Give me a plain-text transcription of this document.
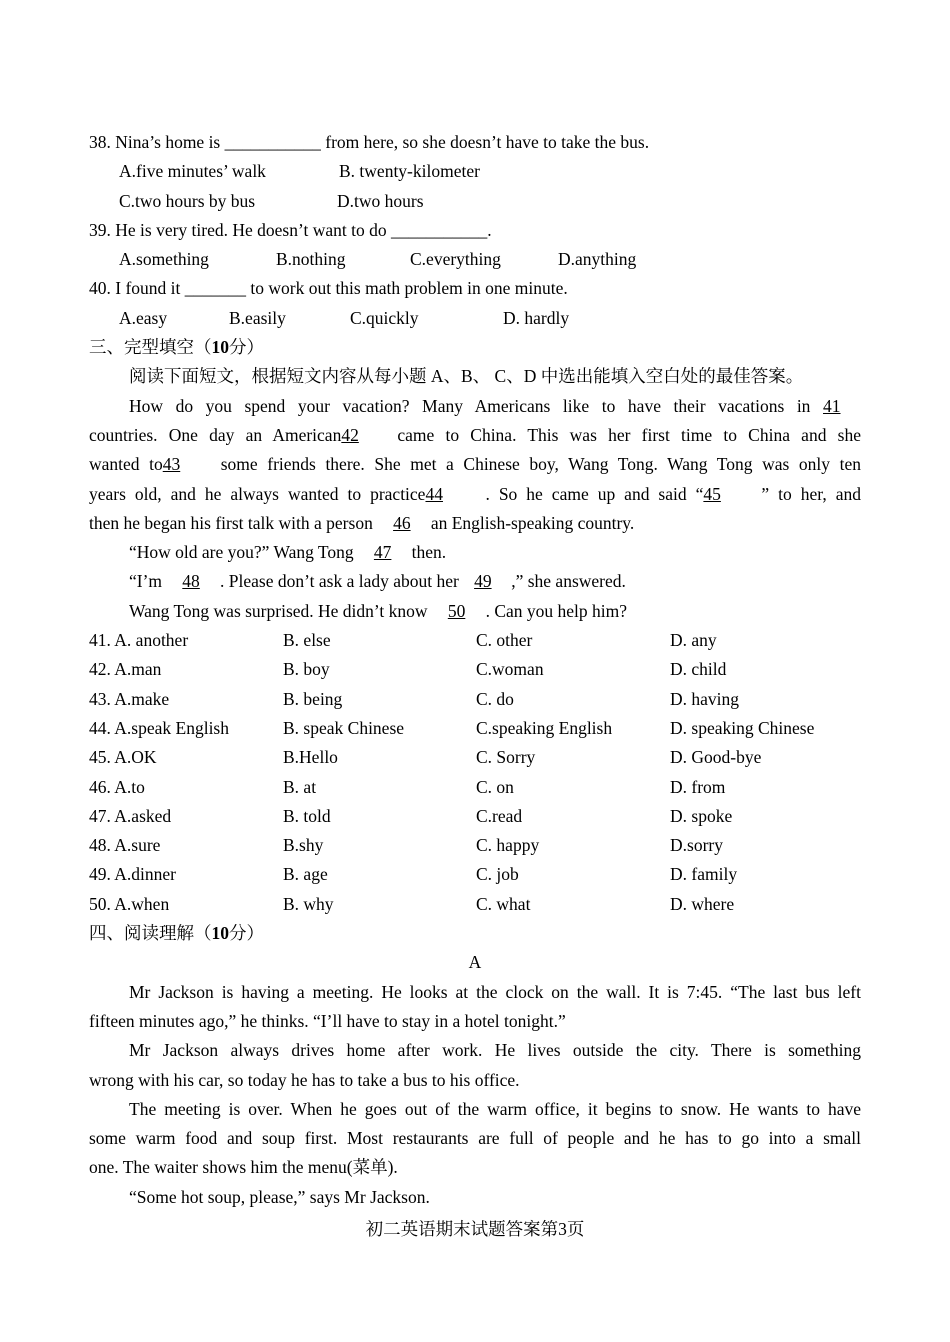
38. Nina’s home is ___________ from here, so she doesn’t have to take the bus.
A.five minutes’ walk	B. twenty-kilometer
C.two hours by bus	D.two hours
39. He is very tired. He doesn’t want to do ___________.
A.something	B.nothing	C.everything	D.anything
40. I found it _______ to work out this math problem in one minute.
A.easy	B.easily	C.quickly	D. hardly
三、完型填空（10分）
阅读下面短文，根据短文内容从每小题 A、B、 C、D 中选出能填入空白处的最佳答案。
How do you spend your vacation? Many Americans like to have their vacations in 41
countries. One day an American42 came to China. This was her first time to China and she
wanted to43 some friends there. She met a Chinese boy, Wang Tong. Wang Tong was only ten
years old, and he always wanted to practice44 . So he came up and said “45 ” to her, and
then he began his first talk with a person 46 an English-speaking country.
“How old are you?” Wang Tong 47 then.
“I’m 48 . Please don’t ask a lady about her 49 ,” she answered.
Wang Tong was surprised. He didn’t know 50 . Can you help him?
41. A. another	B. else	C. other	D. any
42. A.man	B. boy	C.woman	D. child
43. A.make	B. being	C. do	D. having
44. A.speak English	B. speak Chinese	C.speaking English	D. speaking Chinese
45. A.OK	B.Hello	C. Sorry	D. Good-bye
46. A.to	B. at	C. on	D. from
47. A.asked	B. told	C.read	D. spoke
48. A.sure	B.shy	C. happy	D.sorry
49. A.dinner	B. age	C. job	D. family
50. A.when	B. why	C. what	D. where
四、阅读理解（10分）
A
Mr Jackson is having a meeting. He looks at the clock on the wall. It is 7:45. “The last bus left
fifteen minutes ago,” he thinks. “I’ll have to stay in a hotel tonight.”
Mr Jackson always drives home after work. He lives outside the city. There is something
wrong with his car, so today he has to take a bus to his office.
The meeting is over. When he goes out of the warm office, it begins to snow. He wants to have
some warm food and soup first. Most restaurants are full of people and he has to go into a small
one. The waiter shows him the menu(菜单).
“Some hot soup, please,” says Mr Jackson.
初二英语期末试题答案第3页
